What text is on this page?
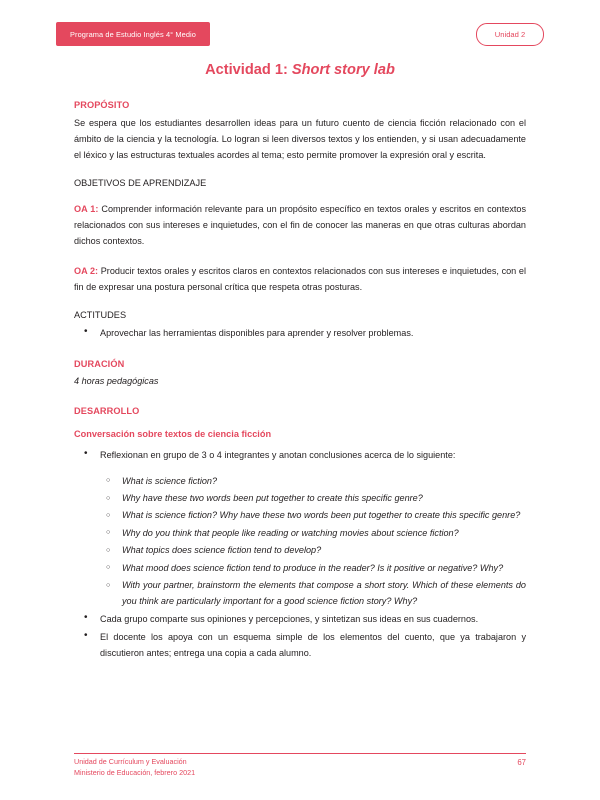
Programa de Estudio Inglés 4° Medio	Unidad 2
Actividad 1: Short story lab
PROPÓSITO

Se espera que los estudiantes desarrollen ideas para un futuro cuento de ciencia ficción relacionado con el ámbito de la ciencia y la tecnología. Lo logran si leen diversos textos y los entienden, y si usan adecuadamente el léxico y las estructuras textuales acordes al tema; esto permite promover la expresión oral y escrita.

OBJETIVOS DE APRENDIZAJE

OA 1: Comprender información relevante para un propósito específico en textos orales y escritos en contextos relacionados con sus intereses e inquietudes, con el fin de conocer las maneras en que otras culturas abordan dichos contextos.

OA 2: Producir textos orales y escritos claros en contextos relacionados con sus intereses e inquietudes, con el fin de expresar una postura personal crítica que respeta otras posturas.

ACTITUDES
• Aprovechar las herramientas disponibles para aprender y resolver problemas.
DURACIÓN
4 horas pedagógicas
DESARROLLO
Conversación sobre textos de ciencia ficción
• Reflexionan en grupo de 3 o 4 integrantes y anotan conclusiones acerca de lo siguiente:
○ What is science fiction?
○ Why have these two words been put together to create this specific genre?
○ What is science fiction? Why have these two words been put together to create this specific genre?
○ Why do you think that people like reading or watching movies about science fiction?
○ What topics does science fiction tend to develop?
○ What mood does science fiction tend to produce in the reader? Is it positive or negative? Why?
○ With your partner, brainstorm the elements that compose a short story. Which of these elements do you think are particularly important for a good science fiction story? Why?
• Cada grupo comparte sus opiniones y percepciones, y sintetizan sus ideas en sus cuadernos.
• El docente los apoya con un esquema simple de los elementos del cuento, que ya trabajaron y discutieron antes; entrega una copia a cada alumno.
Unidad de Currículum y Evaluación
Ministerio de Educación, febrero 2021
67
